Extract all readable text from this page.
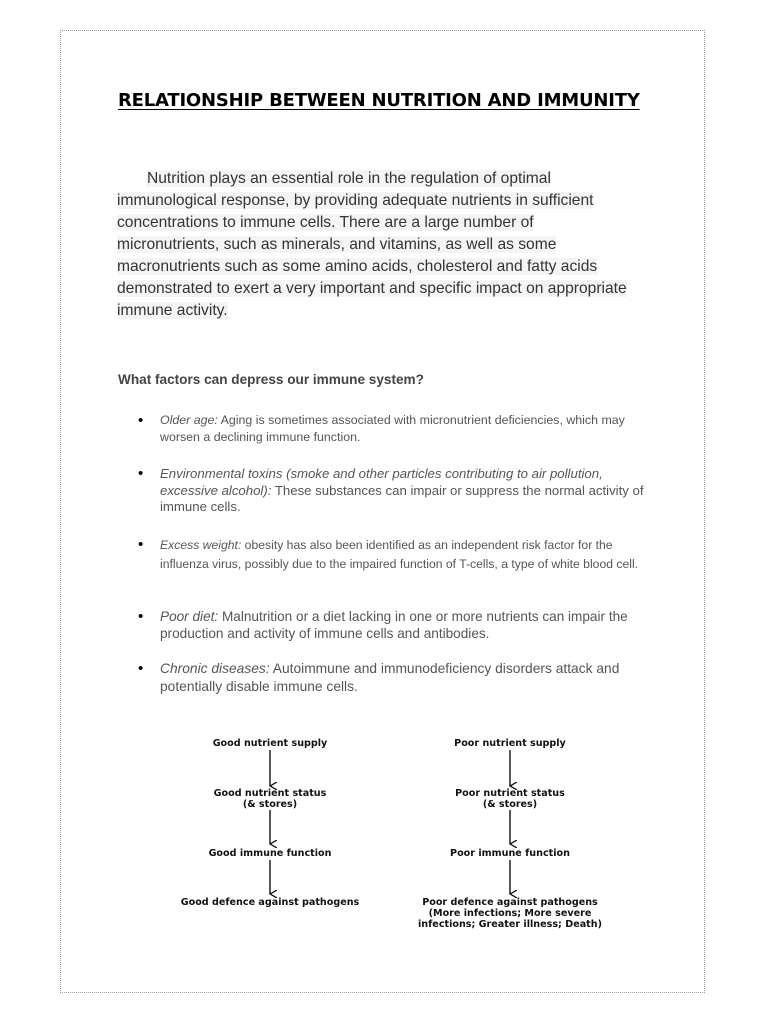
RELATIONSHIP BETWEEN NUTRITION AND IMMUNITY

Nutrition plays an essential role in the regulation of optimal
immunological response, by providing adequate nutrients in sufficient
concentrations to immune cells. There are a large number of
micronutrients, such as minerals, and vitamins, as well as some
macronutrients such as some amino acids, cholesterol and fatty acids
demonstrated to exert a very important and specific impact on appropriate
immune activity.

What factors can depress our immune system?
• Older age: Aging is sometimes associated with micronutrient deficiencies, which may worsen a declining immune function.
• Environmental toxins (smoke and other particles contributing to air pollution, excessive alcohol): These substances can impair or suppress the normal activity of immune cells.
• Excess weight: obesity has also been identified as an independent risk factor for the influenza virus, possibly due to the impaired function of T-cells, a type of white blood cell.
• Poor diet: Malnutrition or a diet lacking in one or more nutrients can impair the production and activity of immune cells and antibodies.
• Chronic diseases: Autoimmune and immunodeficiency disorders attack and potentially disable immune cells.
Good nutrient supply
Good nutrient status
(& stores)
Good immune function
Good defence against pathogens
Poor nutrient supply
Poor nutrient status
(& stores)
Poor immune function
Poor defence against pathogens
(More infections; More severe
infections; Greater illness; Death)
